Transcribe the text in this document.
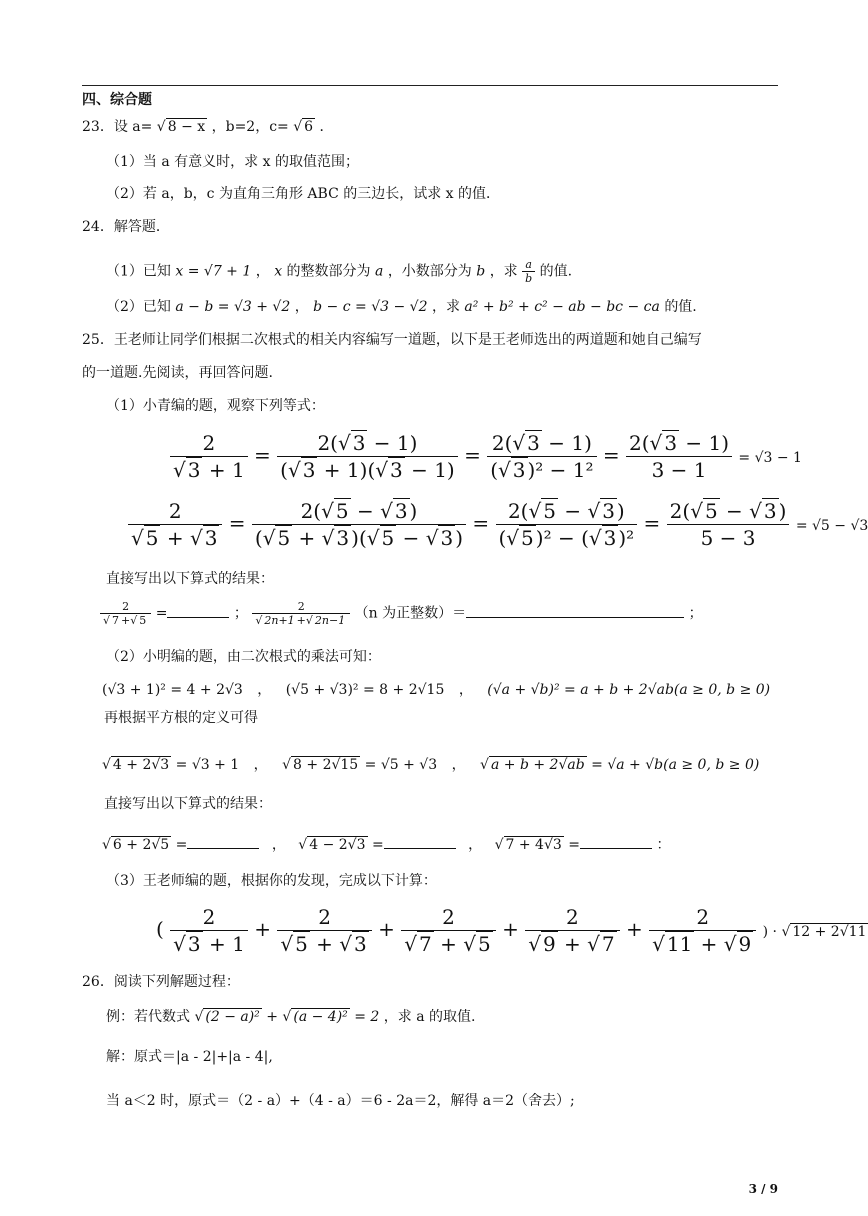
四、综合题
23．设 a= √ 8 − x ，b=2，c= √ 6 ．
（1）当 a 有意义时，求 x 的取值范围；
（2）若 a，b，c 为直角三角形 ABC 的三边长，试求 x 的值．
24．解答题．
（1）已知 x = √7 + 1 ， x 的整数部分为 a ，小数部分为 b ，求 $\frac{a}{b}$ 的值.
（2）已知 a − b = √3 + √2 ， b − c = √3 − √2 ，求 a² + b² + c² − ab − bc − ca 的值.
25．王老师让同学们根据二次根式的相关内容编写一道题，以下是王老师选出的两道题和她自己编写
的一道题.先阅读，再回答问题.
（1）小青编的题，观察下列等式：
$\frac{2}{√ 3 + 1} = \frac{2(√ 3 - 1)}{(√ 3 + 1)(√ 3 - 1)} = \frac{2(√ 3 - 1)}{\text{(√ 3 )² − 1²}} = \frac{2(√ 3 - 1)}{3 - 1} = √3 - 1$
$\frac{2}{√ 5 + √ 3} = \frac{2(√ 5 - √ 3 )}{(√ 5 + √ 3 )(√ 5 - √ 3 )} = \frac{2(√ 5 - √ 3 )}{\text{(√ 5 )² − (√ 3 )²}} = \frac{2(√ 5 - √ 3 )}{5 - 3} = √5 - √3$
直接写出以下算式的结果：
$\frac{2}{√ 7 +√ 5}$ =	； $\frac{2}{√ 2n+1 +√ 2n-1} (n$ 为正整数）＝	；
（2）小明编的题，由二次根式的乘法可知：
(√3 + 1)² = 4 + 2√3 ， (√5 + √3)² = 8 + 2√15 ， (√a + √b)² = a + b + 2√ab(a ≥ 0, b ≥ 0)
再根据平方根的定义可得
√ 4 + 2√3 = √3 + 1 ， √ 8 + 2√15 = √5 + √3 ， √ a + b + 2√ab = √a + √b(a ≥ 0, b ≥ 0)
直接写出以下算式的结果：
√ 6 + 2√5 =	， √ 4 − 2√3 =	， √ 7 + 4√3 =	：
（3）王老师编的题，根据你的发现，完成以下计算：
( $\frac{2}{√ 3 + 1} + \frac{2}{√ 5 + √ 3} + \frac{2}{√ 7 + √ 5} + \frac{2}{√ 9 + √ 7} + \frac{2}{√ 11 + √ 9}$ ) · √ 12 + 2√11
26．阅读下列解题过程：
例：若代数式 √ (2 − a)² + √ (a − 4)² = 2 ，求 a 的取值.
解：原式＝|a - 2|+|a - 4|,
当 a＜2 时，原式＝（2 - a）+（4 - a）＝6 - 2a＝2，解得 a＝2（舍去）;
3 / 9
